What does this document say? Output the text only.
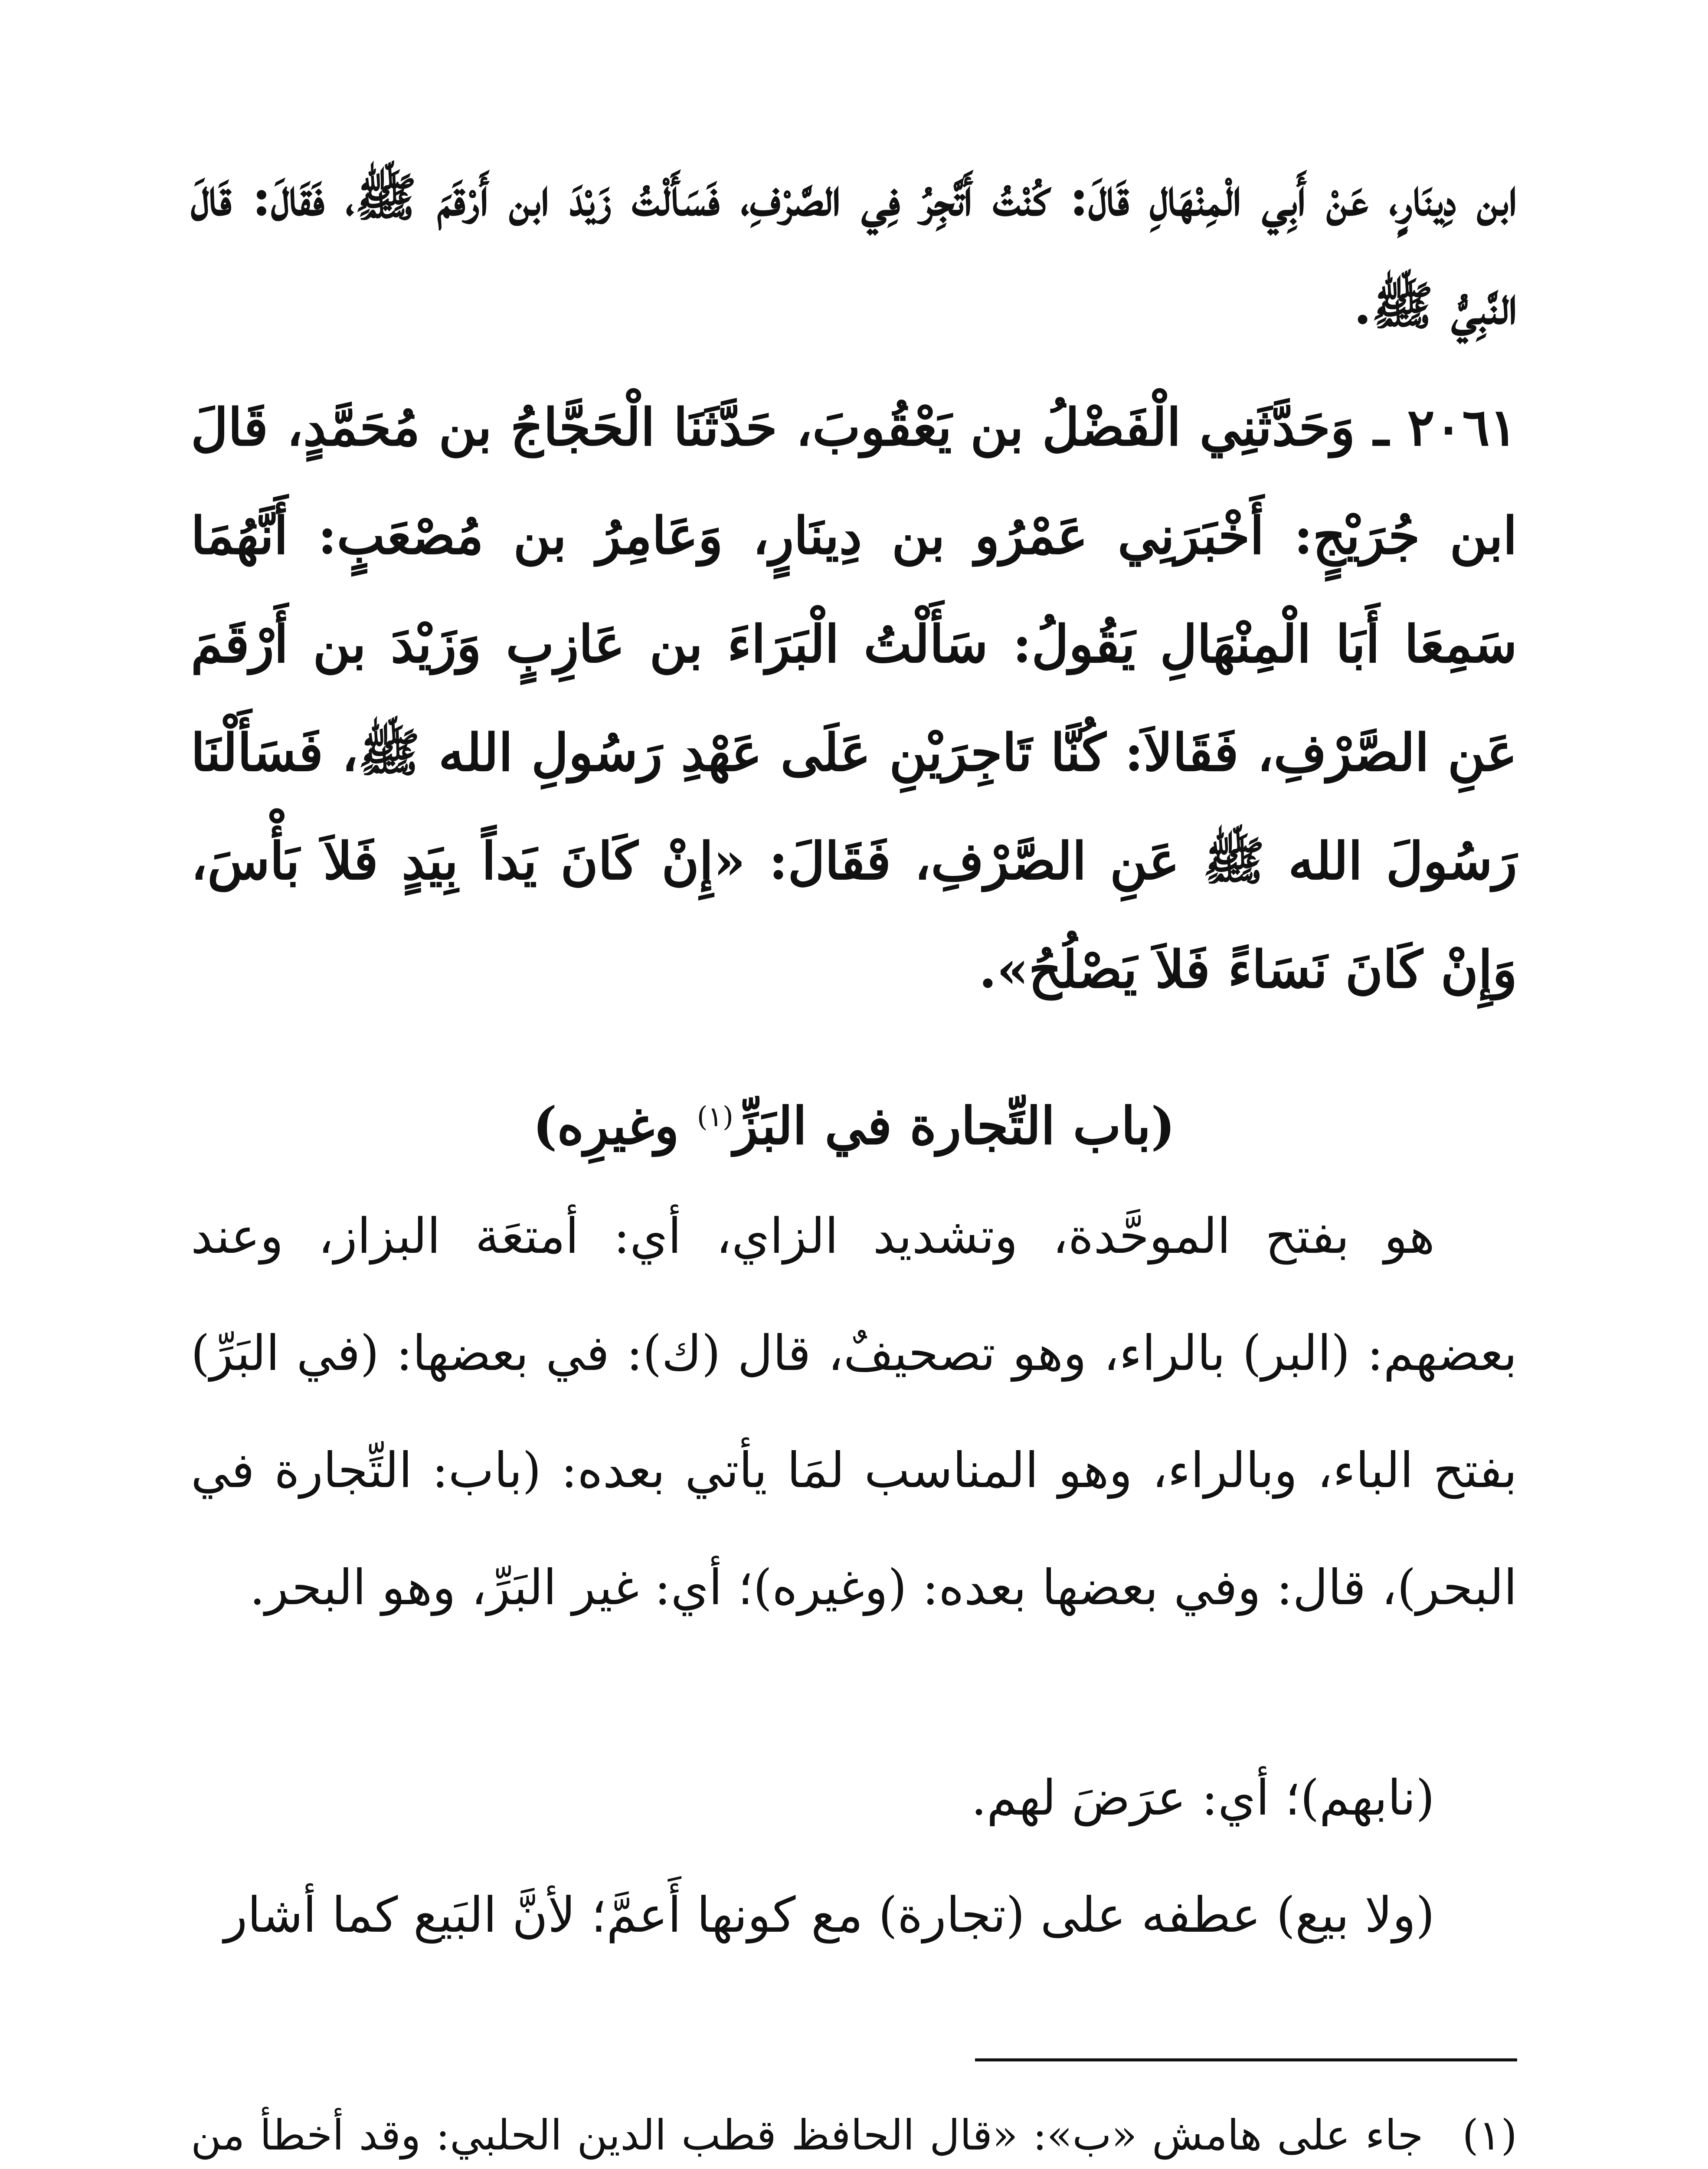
ابن دِينَارٍ، عَنْ أَبِي الْمِنْهَالِ قَالَ: كُنْتُ أَتَّجِرُ فِي الصَّرْفِ، فَسَأَلْتُ زَيْدَ ابن أَرْقَمَ ﷺ، فَقَالَ: قَالَ النَّبِيُّ ﷺ.

٢٠٦١ ـ وَحَدَّثَنِي الْفَضْلُ بن يَعْقُوبَ، حَدَّثَنَا الْحَجَّاجُ بن مُحَمَّدٍ، قَالَ ابن جُرَيْجٍ: أَخْبَرَنِي عَمْرُو بن دِينَارٍ، وَعَامِرُ بن مُصْعَبٍ: أَنَّهُمَا سَمِعَا أَبَا الْمِنْهَالِ يَقُولُ: سَأَلْتُ الْبَرَاءَ بن عَازِبٍ وَزَيْدَ بن أَرْقَمَ عَنِ الصَّرْفِ، فَقَالاَ: كُنَّا تَاجِرَيْنِ عَلَى عَهْدِ رَسُولِ الله ﷺ، فَسَأَلْنَا رَسُولَ الله ﷺ عَنِ الصَّرْفِ، فَقَالَ: «إِنْ كَانَ يَداً بِيَدٍ فَلاَ بَأْسَ، وَإِنْ كَانَ نَسَاءً فَلاَ يَصْلُحُ».

(باب التِّجارة في البَزِّ$^{(١)}$ وغيرِه)

هو بفتح الموحَّدة، وتشديد الزاي، أي: أمتعَة البزاز، وعند بعضهم: (البر) بالراء، وهو تصحيفٌ، قال (ك): في بعضها: (في البَرِّ) بفتح الباء، وبالراء، وهو المناسب لمَا يأتي بعده: (باب: التِّجارة في البحر)، قال: وفي بعضها بعده: (وغيره)؛ أي: غير البَرِّ، وهو البحر.

(نابهم)؛ أي: عرَضَ لهم.

(ولا بيع) عطفه على (تجارة) مع كونها أَعمَّ؛ لأنَّ البَيع كما أشار

(١)جاء على هامش «ب»: «قال الحافظ قطب الدين الحلبي: وقد أخطأ من
